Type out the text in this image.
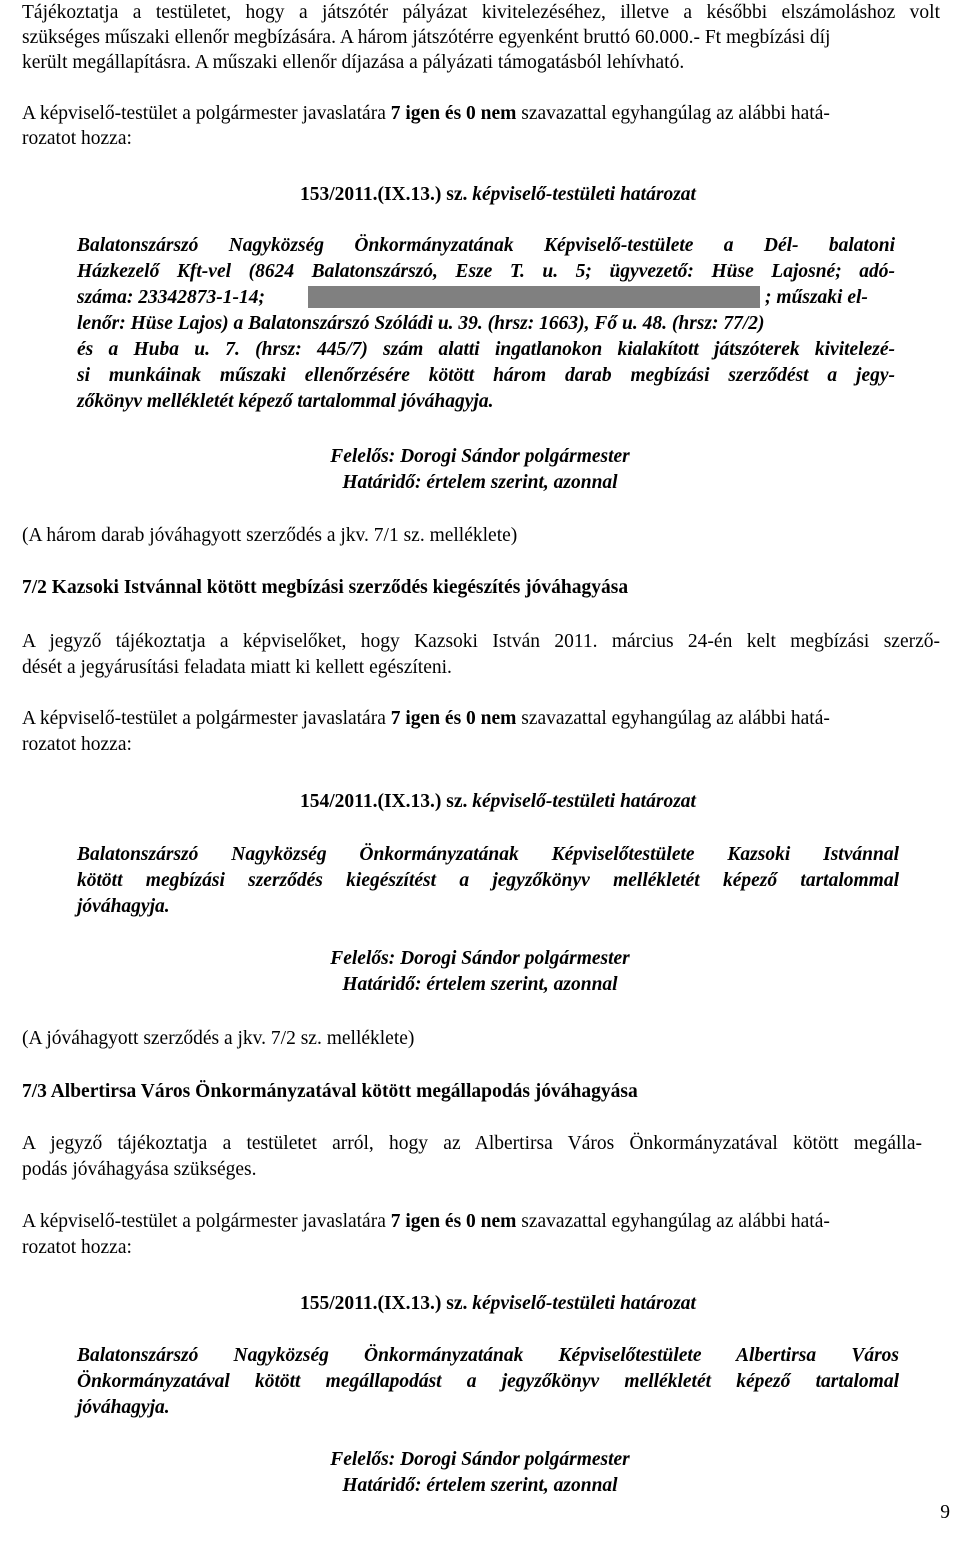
Tájékoztatja a testületet, hogy a játszótér pályázat kivitelezéséhez, illetve a későbbi elszámoláshoz volt
szükséges műszaki ellenőr megbízására. A három játszótérre egyenként bruttó 60.000.- Ft megbízási díj
került megállapításra. A műszaki ellenőr díjazása a pályázati támogatásból lehívható.
A képviselő-testület a polgármester javaslatára 7 igen és 0 nem szavazattal egyhangúlag az alábbi hatá-
rozatot hozza:
153/2011.(IX.13.) sz. képviselő-testületi határozat
Balatonszárszó Nagyközség Önkormányzatának Képviselő-testülete a Dél- balatoni
Házkezelő Kft-vel (8624 Balatonszárszó, Esze T. u. 5; ügyvezető: Hüse Lajosné; adó-
száma: 23342873-1-14;	; műszaki el-
lenőr: Hüse Lajos) a Balatonszárszó Szóládi u. 39. (hrsz: 1663), Fő u. 48. (hrsz: 77/2)
és a Huba u. 7. (hrsz: 445/7) szám alatti ingatlanokon kialakított játszóterek kivitelezé-
si munkáinak műszaki ellenőrzésére kötött három darab megbízási szerződést a jegy-
zőkönyv mellékletét képező tartalommal jóváhagyja.
Felelős: Dorogi Sándor polgármester
Határidő: értelem szerint, azonnal
(A három darab jóváhagyott szerződés a jkv. 7/1 sz. melléklete)
7/2 Kazsoki Istvánnal kötött megbízási szerződés kiegészítés jóváhagyása
A jegyző tájékoztatja a képviselőket, hogy Kazsoki István 2011. március 24-én kelt megbízási szerző-
dését a jegyárusítási feladata miatt ki kellett egészíteni.
A képviselő-testület a polgármester javaslatára 7 igen és 0 nem szavazattal egyhangúlag az alábbi hatá-
rozatot hozza:
154/2011.(IX.13.) sz. képviselő-testületi határozat
Balatonszárszó Nagyközség Önkormányzatának Képviselőtestülete Kazsoki Istvánnal
kötött megbízási szerződés kiegészítést a jegyzőkönyv mellékletét képező tartalommal
jóváhagyja.
Felelős: Dorogi Sándor polgármester
Határidő: értelem szerint, azonnal
(A jóváhagyott szerződés a jkv. 7/2 sz. melléklete)
7/3 Albertirsa Város Önkormányzatával kötött megállapodás jóváhagyása
A jegyző tájékoztatja a testületet arról, hogy az Albertirsa Város Önkormányzatával kötött megálla-
podás jóváhagyása szükséges.
A képviselő-testület a polgármester javaslatára 7 igen és 0 nem szavazattal egyhangúlag az alábbi hatá-
rozatot hozza:
155/2011.(IX.13.) sz. képviselő-testületi határozat
Balatonszárszó Nagyközség Önkormányzatának Képviselőtestülete Albertirsa Város
Önkormányzatával kötött megállapodást a jegyzőkönyv mellékletét képező tartalomal
jóváhagyja.
Felelős: Dorogi Sándor polgármester
Határidő: értelem szerint, azonnal
9
